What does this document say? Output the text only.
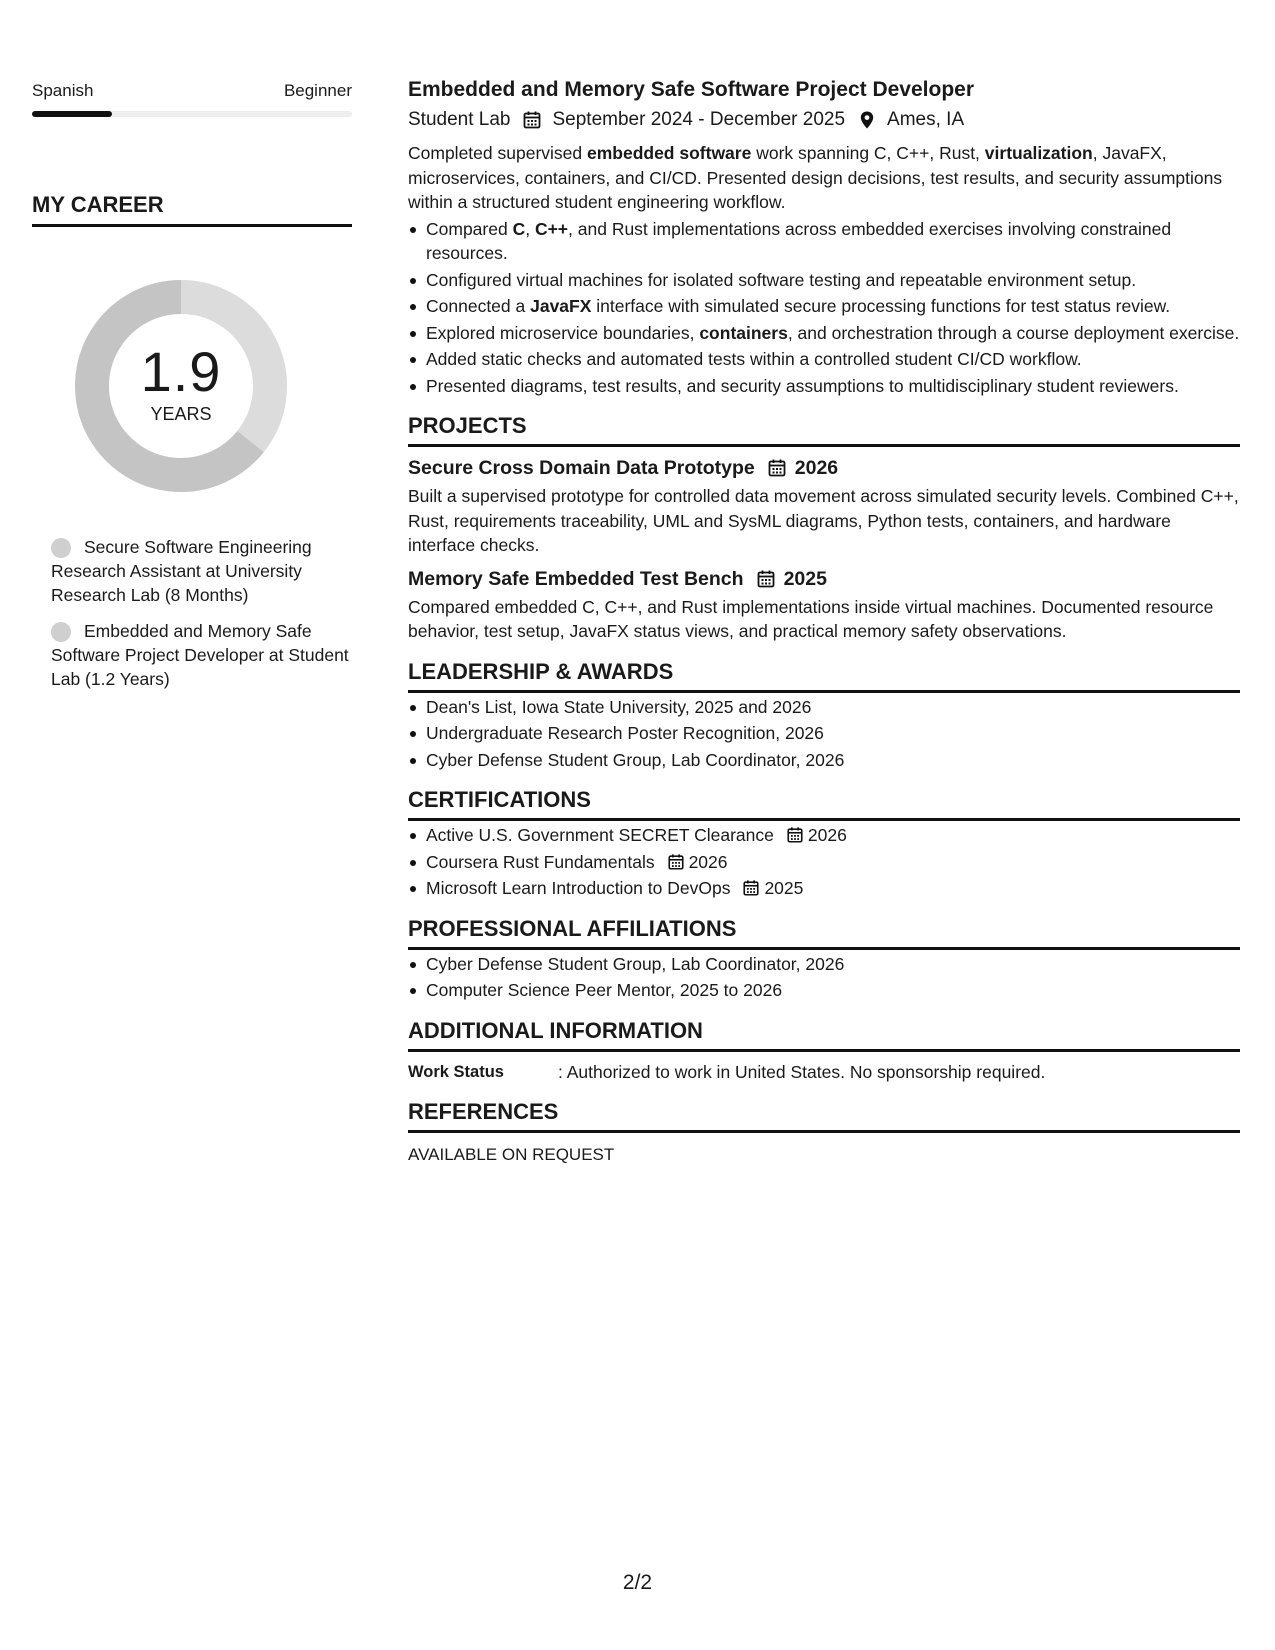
Spanish	Beginner
MY CAREER
1.9
YEARS
Secure Software Engineering Research Assistant at University Research Lab (8 Months)
Embedded and Memory Safe Software Project Developer at Student Lab (1.2 Years)
Embedded and Memory Safe Software Project Developer
Student Lab September 2024 - December 2025 Ames, IA
Completed supervised embedded software work spanning C, C++, Rust, virtualization, JavaFX, microservices, containers, and CI/CD. Presented design decisions, test results, and security assumptions within a structured student engineering workflow.
Compared C, C++, and Rust implementations across embedded exercises involving constrained resources.
Configured virtual machines for isolated software testing and repeatable environment setup.
Connected a JavaFX interface with simulated secure processing functions for test status review.
Explored microservice boundaries, containers, and orchestration through a course deployment exercise.
Added static checks and automated tests within a controlled student CI/CD workflow.
Presented diagrams, test results, and security assumptions to multidisciplinary student reviewers.
PROJECTS
Secure Cross Domain Data Prototype 2026
Built a supervised prototype for controlled data movement across simulated security levels. Combined C++, Rust, requirements traceability, UML and SysML diagrams, Python tests, containers, and hardware interface checks.
Memory Safe Embedded Test Bench 2025
Compared embedded C, C++, and Rust implementations inside virtual machines. Documented resource behavior, test setup, JavaFX status views, and practical memory safety observations.
LEADERSHIP & AWARDS
Dean's List, Iowa State University, 2025 and 2026
Undergraduate Research Poster Recognition, 2026
Cyber Defense Student Group, Lab Coordinator, 2026
CERTIFICATIONS
Active U.S. Government SECRET Clearance 2026
Coursera Rust Fundamentals 2026
Microsoft Learn Introduction to DevOps 2025
PROFESSIONAL AFFILIATIONS
Cyber Defense Student Group, Lab Coordinator, 2026
Computer Science Peer Mentor, 2025 to 2026
ADDITIONAL INFORMATION
Work Status	: Authorized to work in United States. No sponsorship required.
REFERENCES
AVAILABLE ON REQUEST
2/2
